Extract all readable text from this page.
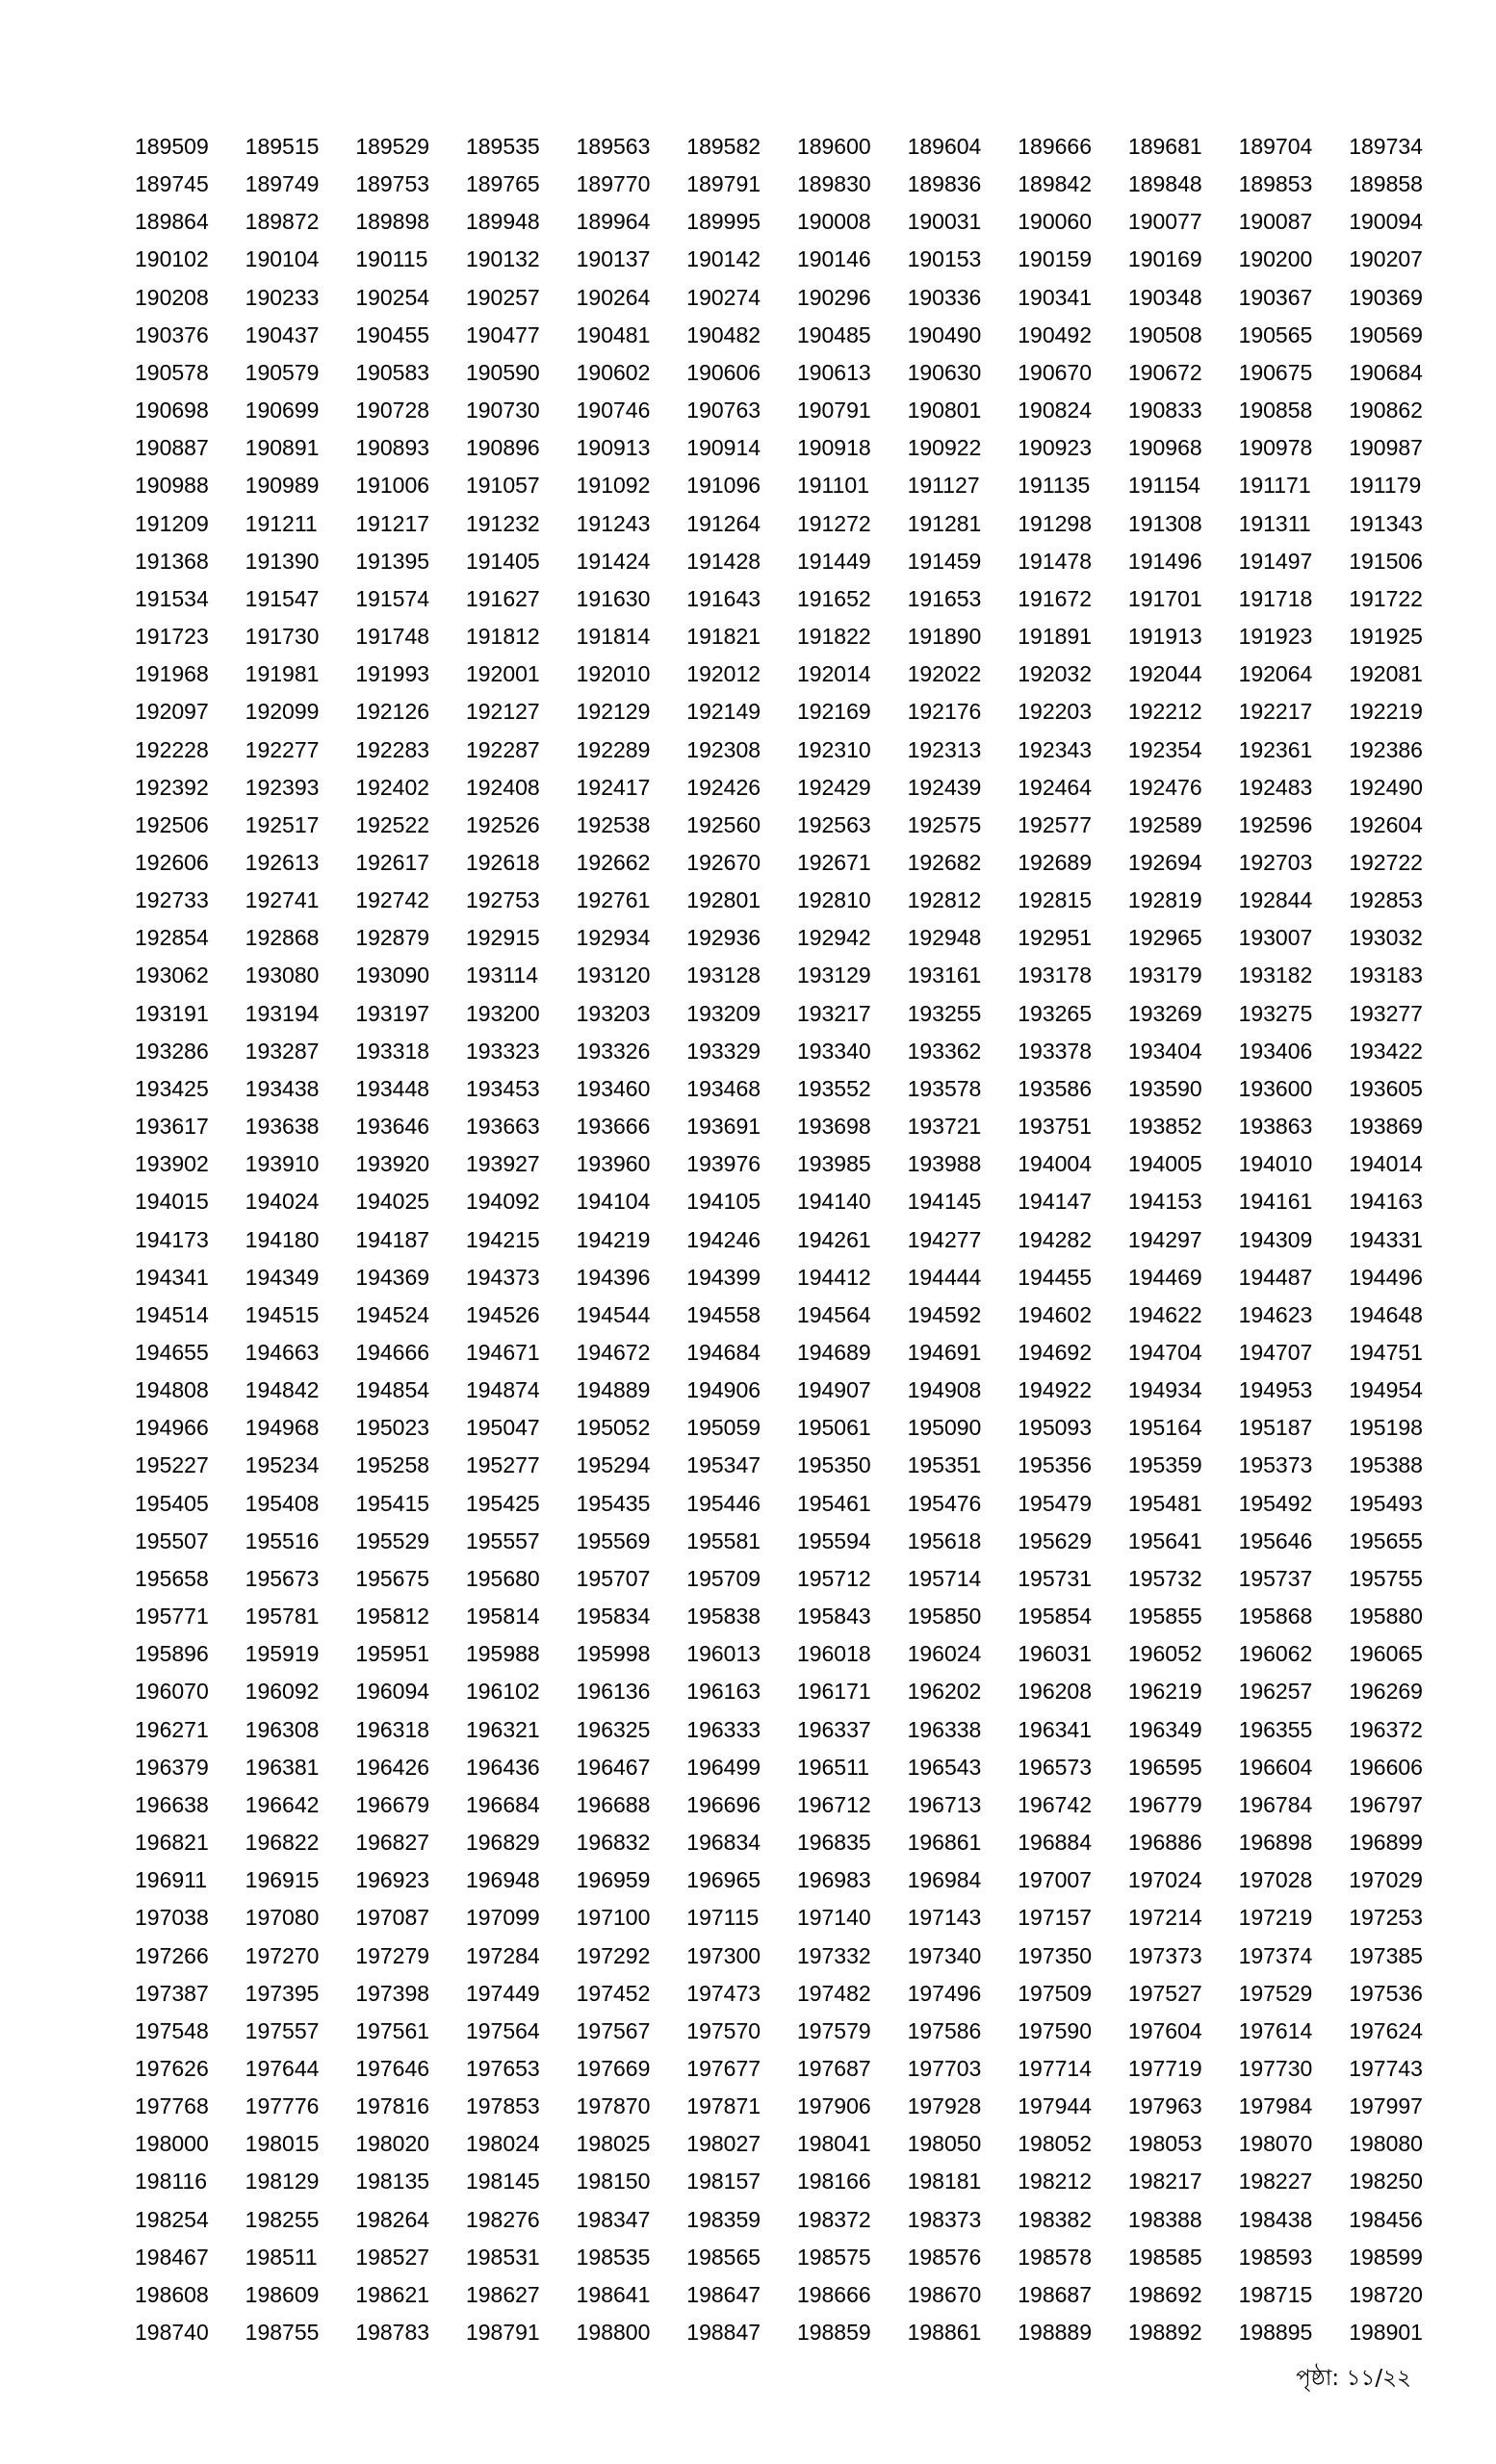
189509	189515	189529	189535	189563	189582	189600	189604	189666	189681	189704	189734
189745	189749	189753	189765	189770	189791	189830	189836	189842	189848	189853	189858
189864	189872	189898	189948	189964	189995	190008	190031	190060	190077	190087	190094
190102	190104	190115	190132	190137	190142	190146	190153	190159	190169	190200	190207
190208	190233	190254	190257	190264	190274	190296	190336	190341	190348	190367	190369
190376	190437	190455	190477	190481	190482	190485	190490	190492	190508	190565	190569
190578	190579	190583	190590	190602	190606	190613	190630	190670	190672	190675	190684
190698	190699	190728	190730	190746	190763	190791	190801	190824	190833	190858	190862
190887	190891	190893	190896	190913	190914	190918	190922	190923	190968	190978	190987
190988	190989	191006	191057	191092	191096	191101	191127	191135	191154	191171	191179
191209	191211	191217	191232	191243	191264	191272	191281	191298	191308	191311	191343
191368	191390	191395	191405	191424	191428	191449	191459	191478	191496	191497	191506
191534	191547	191574	191627	191630	191643	191652	191653	191672	191701	191718	191722
191723	191730	191748	191812	191814	191821	191822	191890	191891	191913	191923	191925
191968	191981	191993	192001	192010	192012	192014	192022	192032	192044	192064	192081
192097	192099	192126	192127	192129	192149	192169	192176	192203	192212	192217	192219
192228	192277	192283	192287	192289	192308	192310	192313	192343	192354	192361	192386
192392	192393	192402	192408	192417	192426	192429	192439	192464	192476	192483	192490
192506	192517	192522	192526	192538	192560	192563	192575	192577	192589	192596	192604
192606	192613	192617	192618	192662	192670	192671	192682	192689	192694	192703	192722
192733	192741	192742	192753	192761	192801	192810	192812	192815	192819	192844	192853
192854	192868	192879	192915	192934	192936	192942	192948	192951	192965	193007	193032
193062	193080	193090	193114	193120	193128	193129	193161	193178	193179	193182	193183
193191	193194	193197	193200	193203	193209	193217	193255	193265	193269	193275	193277
193286	193287	193318	193323	193326	193329	193340	193362	193378	193404	193406	193422
193425	193438	193448	193453	193460	193468	193552	193578	193586	193590	193600	193605
193617	193638	193646	193663	193666	193691	193698	193721	193751	193852	193863	193869
193902	193910	193920	193927	193960	193976	193985	193988	194004	194005	194010	194014
194015	194024	194025	194092	194104	194105	194140	194145	194147	194153	194161	194163
194173	194180	194187	194215	194219	194246	194261	194277	194282	194297	194309	194331
194341	194349	194369	194373	194396	194399	194412	194444	194455	194469	194487	194496
194514	194515	194524	194526	194544	194558	194564	194592	194602	194622	194623	194648
194655	194663	194666	194671	194672	194684	194689	194691	194692	194704	194707	194751
194808	194842	194854	194874	194889	194906	194907	194908	194922	194934	194953	194954
194966	194968	195023	195047	195052	195059	195061	195090	195093	195164	195187	195198
195227	195234	195258	195277	195294	195347	195350	195351	195356	195359	195373	195388
195405	195408	195415	195425	195435	195446	195461	195476	195479	195481	195492	195493
195507	195516	195529	195557	195569	195581	195594	195618	195629	195641	195646	195655
195658	195673	195675	195680	195707	195709	195712	195714	195731	195732	195737	195755
195771	195781	195812	195814	195834	195838	195843	195850	195854	195855	195868	195880
195896	195919	195951	195988	195998	196013	196018	196024	196031	196052	196062	196065
196070	196092	196094	196102	196136	196163	196171	196202	196208	196219	196257	196269
196271	196308	196318	196321	196325	196333	196337	196338	196341	196349	196355	196372
196379	196381	196426	196436	196467	196499	196511	196543	196573	196595	196604	196606
196638	196642	196679	196684	196688	196696	196712	196713	196742	196779	196784	196797
196821	196822	196827	196829	196832	196834	196835	196861	196884	196886	196898	196899
196911	196915	196923	196948	196959	196965	196983	196984	197007	197024	197028	197029
197038	197080	197087	197099	197100	197115	197140	197143	197157	197214	197219	197253
197266	197270	197279	197284	197292	197300	197332	197340	197350	197373	197374	197385
197387	197395	197398	197449	197452	197473	197482	197496	197509	197527	197529	197536
197548	197557	197561	197564	197567	197570	197579	197586	197590	197604	197614	197624
197626	197644	197646	197653	197669	197677	197687	197703	197714	197719	197730	197743
197768	197776	197816	197853	197870	197871	197906	197928	197944	197963	197984	197997
198000	198015	198020	198024	198025	198027	198041	198050	198052	198053	198070	198080
198116	198129	198135	198145	198150	198157	198166	198181	198212	198217	198227	198250
198254	198255	198264	198276	198347	198359	198372	198373	198382	198388	198438	198456
198467	198511	198527	198531	198535	198565	198575	198576	198578	198585	198593	198599
198608	198609	198621	198627	198641	198647	198666	198670	198687	198692	198715	198720
198740	198755	198783	198791	198800	198847	198859	198861	198889	198892	198895	198901
পৃষ্ঠা: ১১/২২
